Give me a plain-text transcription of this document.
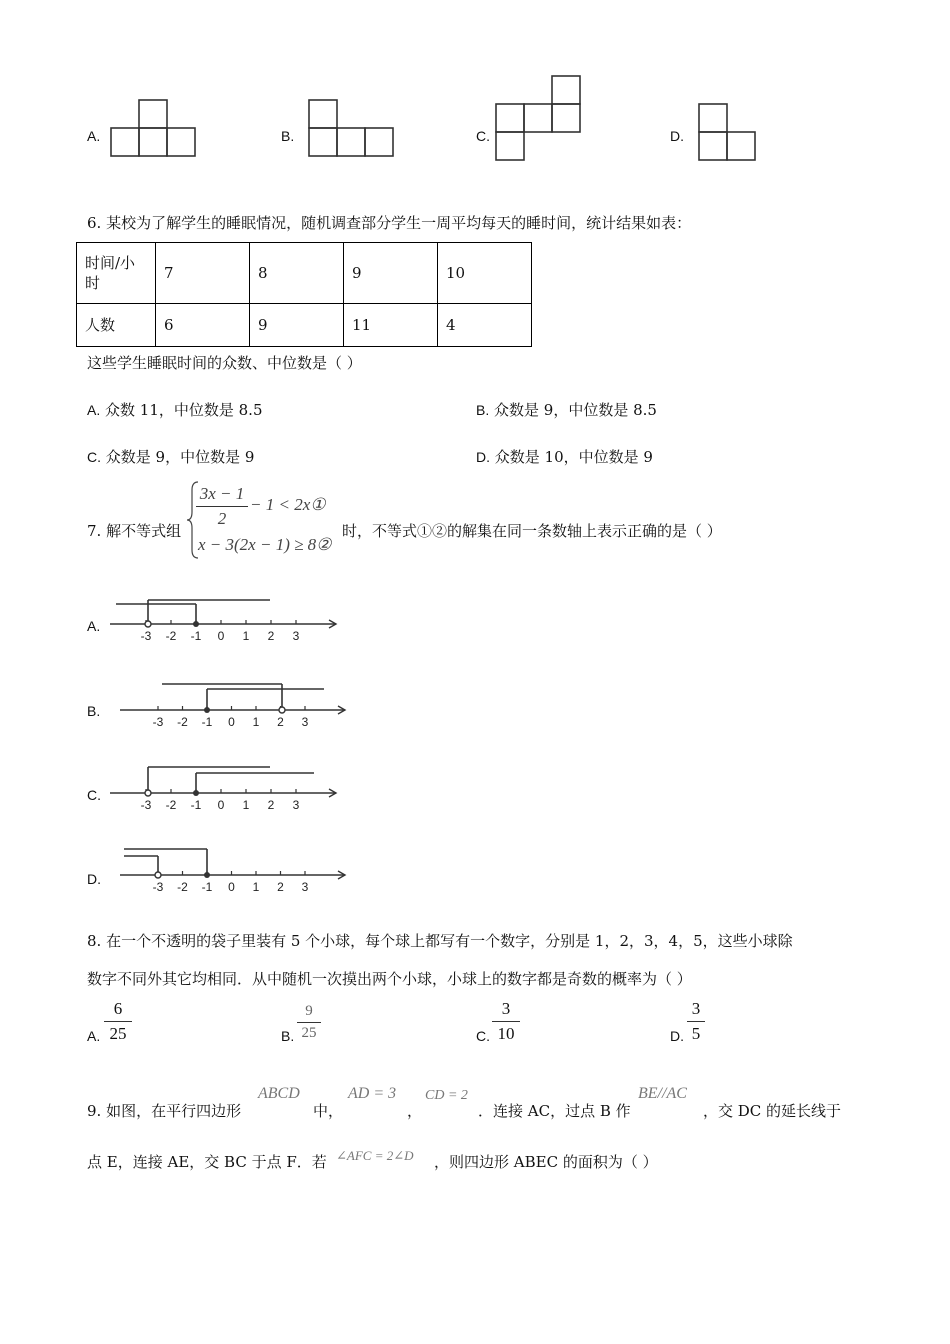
A.	B.	C.	D.
6. 某校为了解学生的睡眠情况，随机调查部分学生一周平均每天的睡时间，统计结果如表：
时间/小时	7	8	9	10
人数	6	9	11	4
这些学生睡眠时间的众数、中位数是（ ）
A. 众数 11，中位数是 8.5	B. 众数是 9，中位数是 8.5
C. 众数是 9，中位数是 9	D. 众数是 10，中位数是 9
7. 解不等式组
3x − 1
2
− 1 < 2x①
x − 3(2x − 1) ≥ 8②
时，不等式①②的解集在同一条数轴上表示正确的是（ ）
A.
-3 -2 -1 0 1 2 3
B.
-3 -2 -1 0 1 2 3
C.
-3 -2 -1 0 1 2 3
D.	-3 -2 -1 0 1 2 3
8. 在一个不透明的袋子里装有 5 个小球，每个球上都写有一个数字，分别是 1，2，3，4，5，这些小球除
数字不同外其它均相同．从中随机一次摸出两个小球，小球上的数字都是奇数的概率为（ ）
A.
6
25	B.
9
25	C.
3
10	D.
3
5
9. 如图，在平行四边形
ABCD
中，
AD = 3
，
CD = 2
．连接 AC，过点 B 作
BE//AC
，交 DC 的延长线于
点 E，连接 AE，交 BC 于点 F．若 ∠AFC = 2∠D ，则四边形 ABEC 的面积为（ ）
